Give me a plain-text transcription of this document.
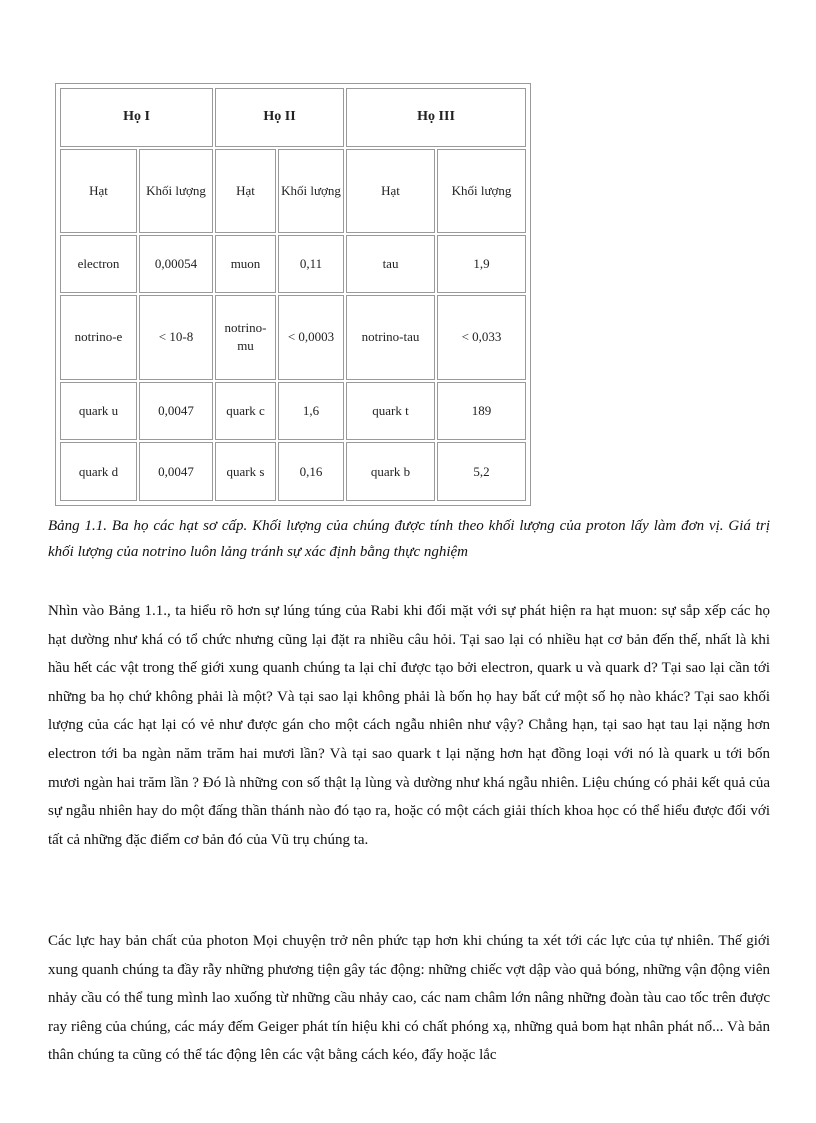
Họ I		Họ II		Họ III	
Hạt	Khối lượng	Hạt	Khối lượng	Hạt	Khối lượng
electron	0,00054	muon	0,11	tau	1,9
notrino-e	< 10-8	notrino-mu	< 0,0003	notrino-tau	< 0,033
quark u	0,0047	quark c	1,6	quark t	189
quark d	0,0047	quark s	0,16	quark b	5,2
Bảng 1.1. Ba họ các hạt sơ cấp. Khối lượng của chúng được tính theo khối lượng của proton lấy làm đơn vị. Giá trị khối lượng của notrino luôn lảng tránh sự xác định bằng thực nghiệm
Nhìn vào Bảng 1.1., ta hiểu rõ hơn sự lúng túng của Rabi khi đối mặt với sự phát hiện ra hạt muon: sự sắp xếp các họ hạt dường như khá có tổ chức nhưng cũng lại đặt ra nhiều câu hỏi. Tại sao lại có nhiều hạt cơ bản đến thế, nhất là khi hầu hết các vật trong thế giới xung quanh chúng ta lại chỉ được tạo bởi electron, quark u và quark d? Tại sao lại cần tới những ba họ chứ không phải là một? Và tại sao lại không phải là bốn họ hay bất cứ một số họ nào khác? Tại sao khối lượng của các hạt lại có vẻ như được gán cho một cách ngẫu nhiên như vậy? Chẳng hạn, tại sao hạt tau lại nặng hơn electron tới ba ngàn năm trăm hai mươi lần? Và tại sao quark t lại nặng hơn hạt đồng loại với nó là quark u tới bốn mươi ngàn hai trăm lần ? Đó là những con số thật lạ lùng và dường như khá ngẫu nhiên. Liệu chúng có phải kết quả của sự ngẫu nhiên hay do một đấng thần thánh nào đó tạo ra, hoặc có một cách giải thích khoa học có thể hiểu được đối với tất cả những đặc điểm cơ bản đó của Vũ trụ chúng ta.
Các lực hay bản chất của photon Mọi chuyện trở nên phức tạp hơn khi chúng ta xét tới các lực của tự nhiên. Thế giới xung quanh chúng ta đầy rẫy những phương tiện gây tác động: những chiếc vợt dập vào quả bóng, những vận động viên nhảy cầu có thể tung mình lao xuống từ những cầu nhảy cao, các nam châm lớn nâng những đoàn tàu cao tốc trên được ray riêng của chúng, các máy đếm Geiger phát tín hiệu khi có chất phóng xạ, những quả bom hạt nhân phát nổ... Và bản thân chúng ta cũng có thể tác động lên các vật bằng cách kéo, đẩy hoặc lắc
